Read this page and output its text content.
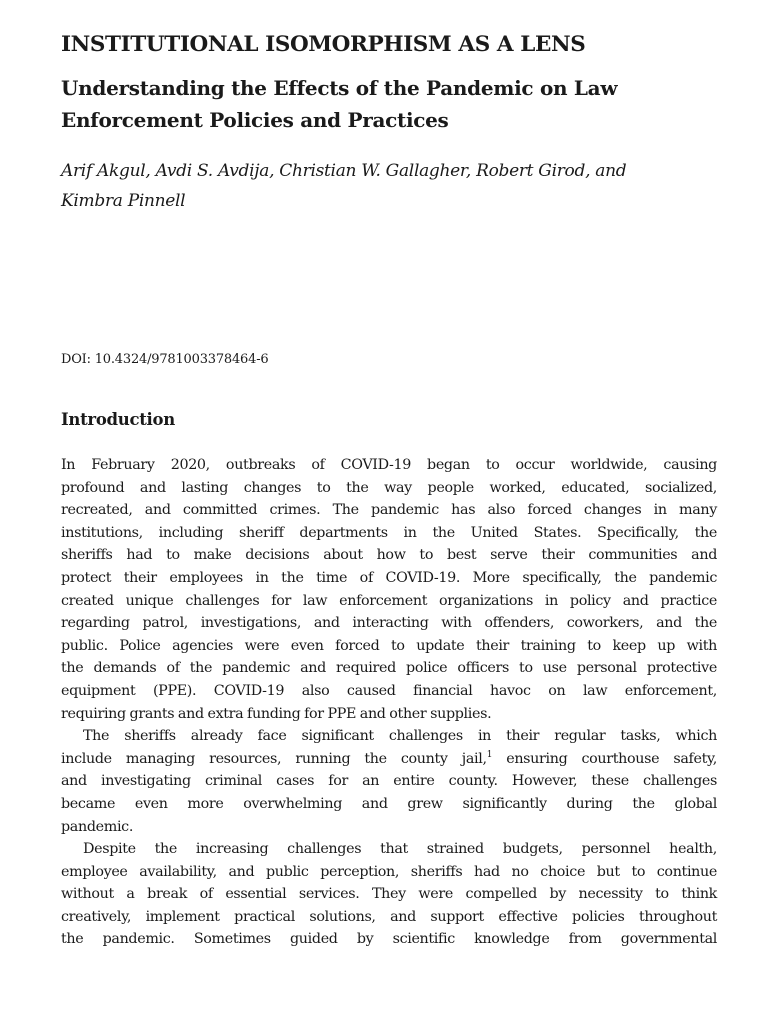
INSTITUTIONAL ISOMORPHISM AS A LENS
Understanding the Effects of the Pandemic on Law
Enforcement Policies and Practices

Arif Akgul, Avdi S. Avdija, Christian W. Gallagher, Robert Girod, and
Kimbra Pinnell

DOI: 10.4324/9781003378464-6

Introduction

In February 2020, outbreaks of COVID-19 began to occur worldwide, causing
profound and lasting changes to the way people worked, educated, socialized,
recreated, and committed crimes. The pandemic has also forced changes in many
institutions, including sheriff departments in the United States. Specifically, the
sheriffs had to make decisions about how to best serve their communities and
protect their employees in the time of COVID-19. More specifically, the pandemic
created unique challenges for law enforcement organizations in policy and practice
regarding patrol, investigations, and interacting with offenders, coworkers, and the
public. Police agencies were even forced to update their training to keep up with
the demands of the pandemic and required police officers to use personal protective
equipment (PPE). COVID-19 also caused financial havoc on law enforcement,
requiring grants and extra funding for PPE and other supplies.

The sheriffs already face significant challenges in their regular tasks, which
include managing resources, running the county jail,$^1$ ensuring courthouse safety,
and investigating criminal cases for an entire county. However, these challenges
became even more overwhelming and grew significantly during the global
pandemic.

Despite the increasing challenges that strained budgets, personnel health,
employee availability, and public perception, sheriffs had no choice but to continue
without a break of essential services. They were compelled by necessity to think
creatively, implement practical solutions, and support effective policies throughout
the pandemic. Sometimes guided by scientific knowledge from governmental
